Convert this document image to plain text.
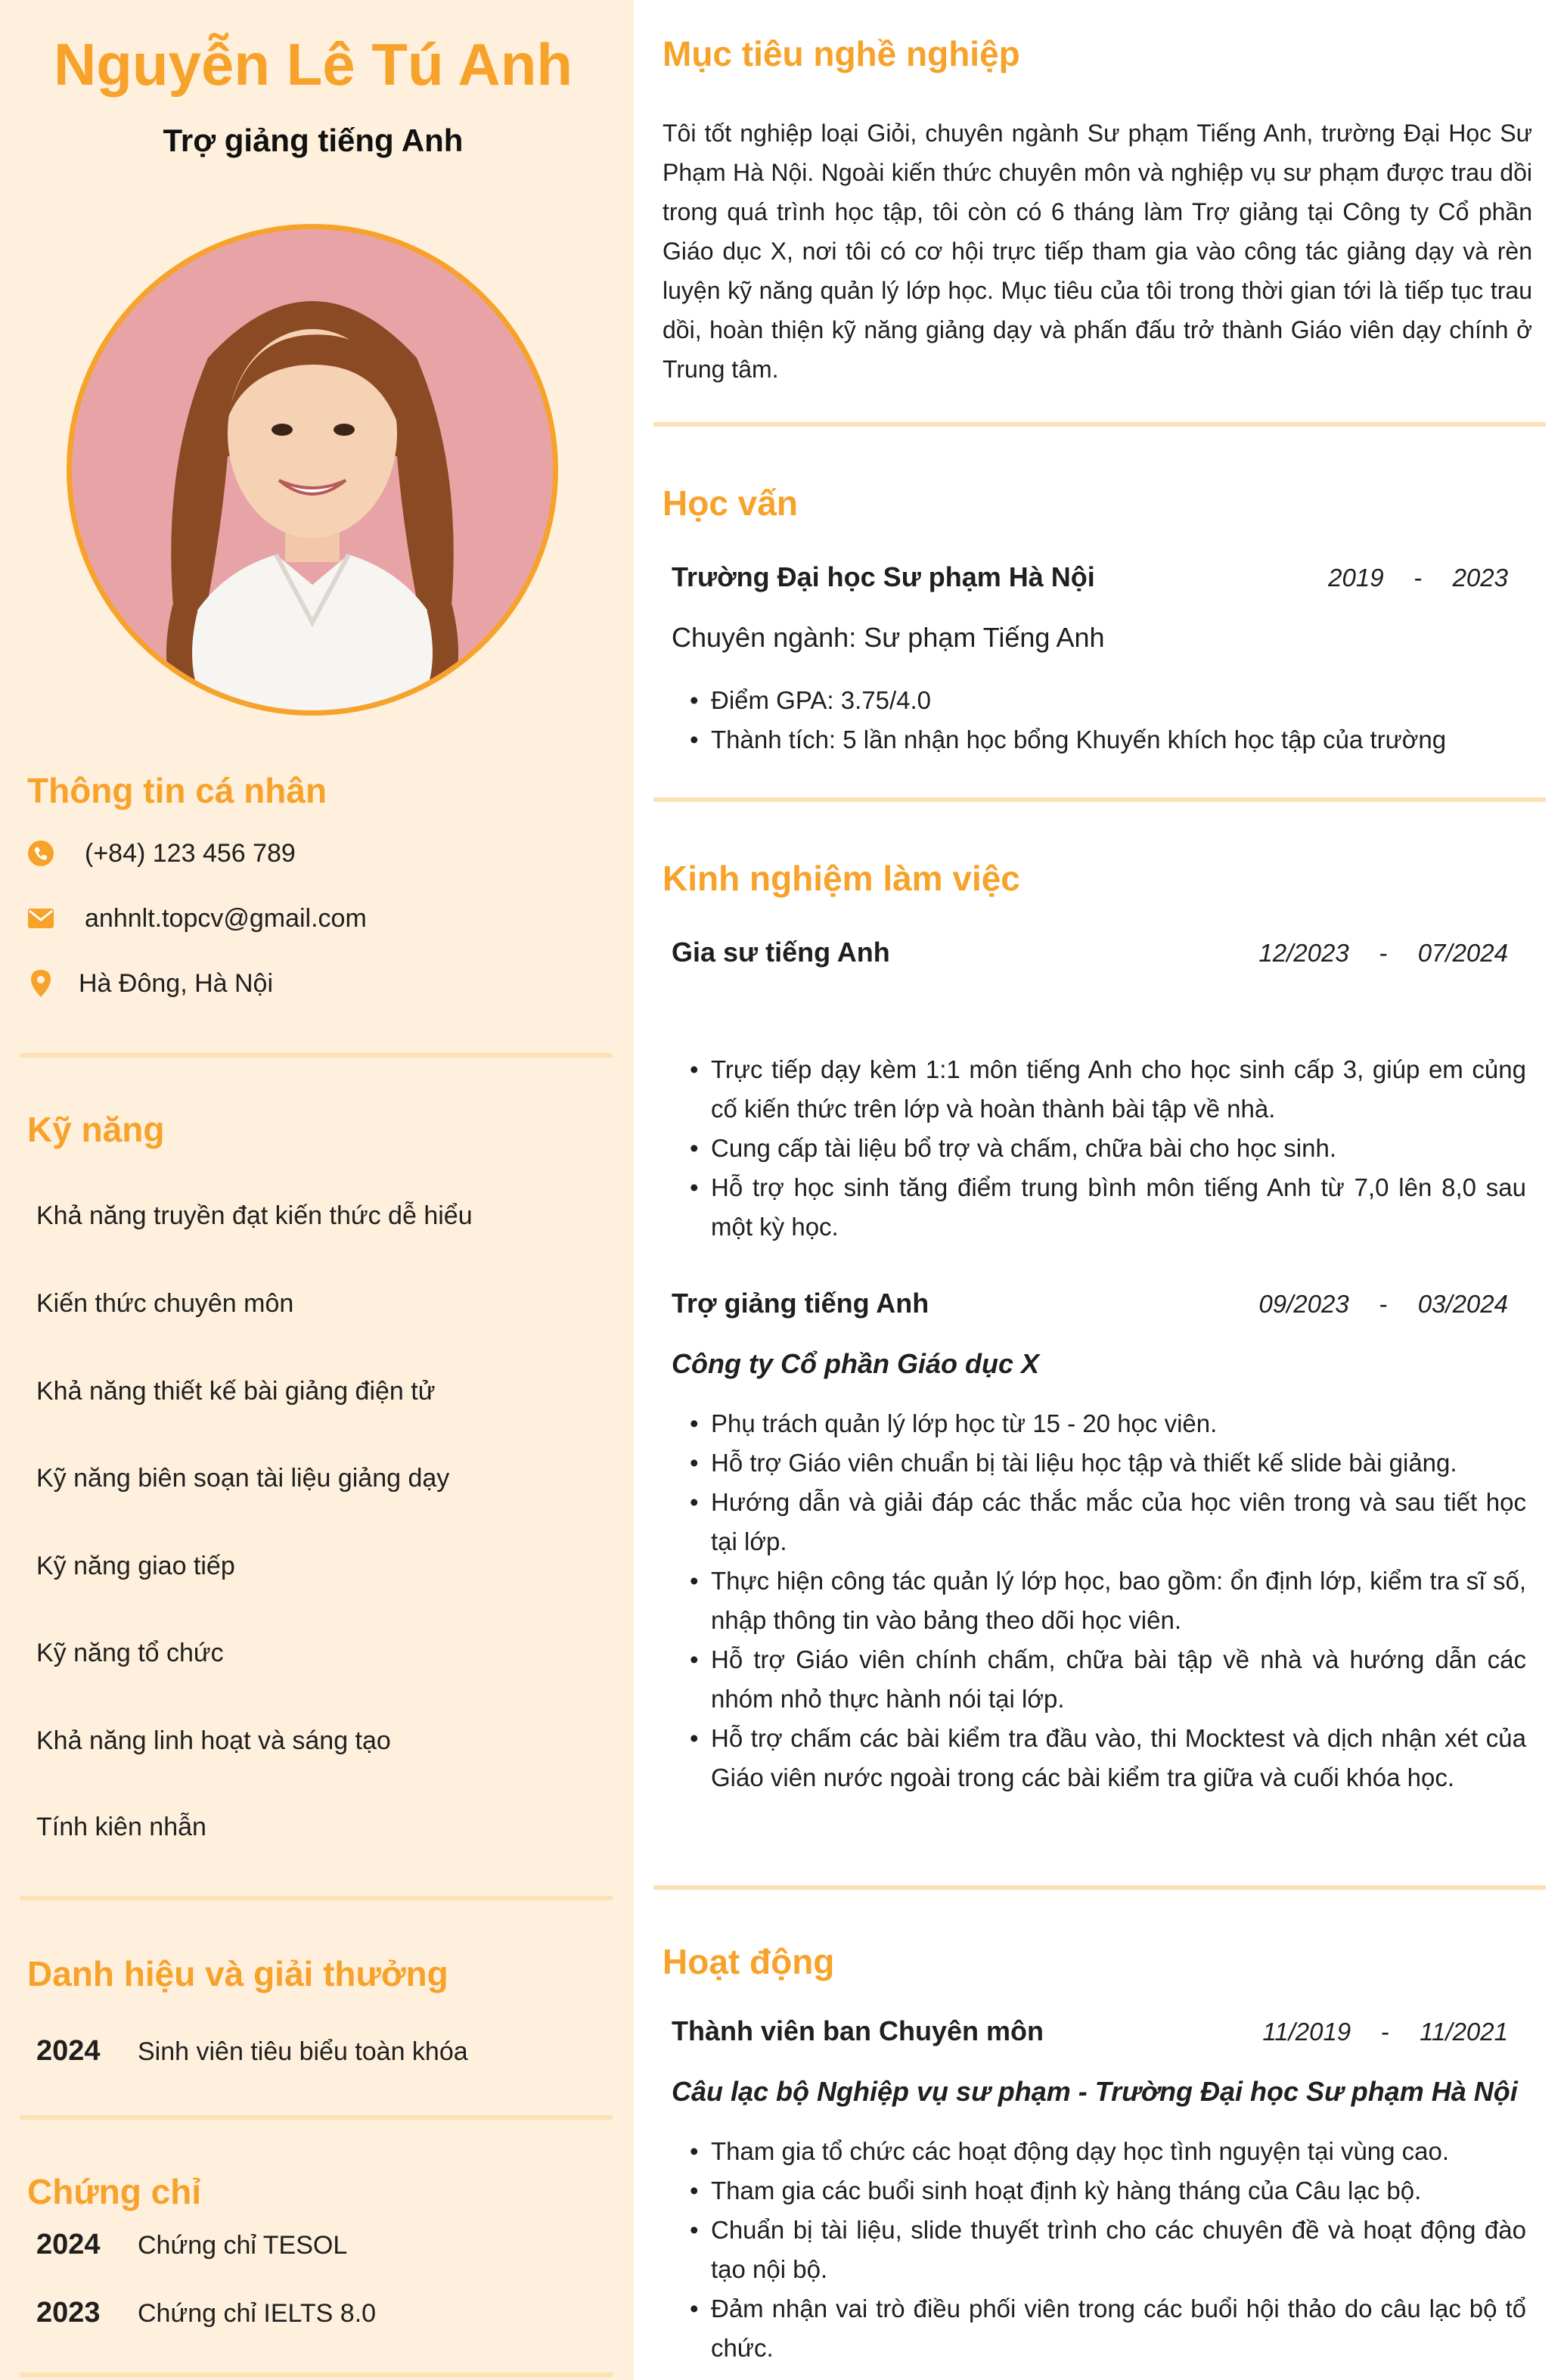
Nguyễn Lê Tú Anh
Trợ giảng tiếng Anh
Thông tin cá nhân
(+84) 123 456 789
anhnlt.topcv@gmail.com
Hà Đông, Hà Nội
Kỹ năng
Khả năng truyền đạt kiến thức dễ hiểu
Kiến thức chuyên môn
Khả năng thiết kế bài giảng điện tử
Kỹ năng biên soạn tài liệu giảng dạy
Kỹ năng giao tiếp
Kỹ năng tổ chức
Khả năng linh hoạt và sáng tạo
Tính kiên nhẫn
Danh hiệu và giải thưởng
2024	Sinh viên tiêu biểu toàn khóa
Chứng chỉ
2024	Chứng chỉ TESOL
2023	Chứng chỉ IELTS 8.0
Mục tiêu nghề nghiệp
Tôi tốt nghiệp loại Giỏi, chuyên ngành Sư phạm Tiếng Anh, trường Đại Học Sư Phạm Hà Nội. Ngoài kiến thức chuyên môn và nghiệp vụ sư phạm được trau dồi trong quá trình học tập, tôi còn có 6 tháng làm Trợ giảng tại Công ty Cổ phần Giáo dục X, nơi tôi có cơ hội trực tiếp tham gia vào công tác giảng dạy và rèn luyện kỹ năng quản lý lớp học. Mục tiêu của tôi trong thời gian tới là tiếp tục trau dồi, hoàn thiện kỹ năng giảng dạy và phấn đấu trở thành Giáo viên dạy chính ở Trung tâm.
Học vấn
Trường Đại học Sư phạm Hà Nội	2019 - 2023
Chuyên ngành: Sư phạm Tiếng Anh
• Điểm GPA: 3.75/4.0
• Thành tích: 5 lần nhận học bổng Khuyến khích học tập của trường
Kinh nghiệm làm việc
Gia sư tiếng Anh	12/2023 - 07/2024
• Trực tiếp dạy kèm 1:1 môn tiếng Anh cho học sinh cấp 3, giúp em củng cố kiến thức trên lớp và hoàn thành bài tập về nhà.
• Cung cấp tài liệu bổ trợ và chấm, chữa bài cho học sinh.
• Hỗ trợ học sinh tăng điểm trung bình môn tiếng Anh từ 7,0 lên 8,0 sau một kỳ học.
Trợ giảng tiếng Anh	09/2023 - 03/2024
Công ty Cổ phần Giáo dục X
• Phụ trách quản lý lớp học từ 15 - 20 học viên.
• Hỗ trợ Giáo viên chuẩn bị tài liệu học tập và thiết kế slide bài giảng.
• Hướng dẫn và giải đáp các thắc mắc của học viên trong và sau tiết học tại lớp.
• Thực hiện công tác quản lý lớp học, bao gồm: ổn định lớp, kiểm tra sĩ số, nhập thông tin vào bảng theo dõi học viên.
• Hỗ trợ Giáo viên chính chấm, chữa bài tập về nhà và hướng dẫn các nhóm nhỏ thực hành nói tại lớp.
• Hỗ trợ chấm các bài kiểm tra đầu vào, thi Mocktest và dịch nhận xét của Giáo viên nước ngoài trong các bài kiểm tra giữa và cuối khóa học.
Hoạt động
Thành viên ban Chuyên môn	11/2019 - 11/2021
Câu lạc bộ Nghiệp vụ sư phạm - Trường Đại học Sư phạm Hà Nội
• Tham gia tổ chức các hoạt động dạy học tình nguyện tại vùng cao.
• Tham gia các buổi sinh hoạt định kỳ hàng tháng của Câu lạc bộ.
• Chuẩn bị tài liệu, slide thuyết trình cho các chuyên đề và hoạt động đào tạo nội bộ.
• Đảm nhận vai trò điều phối viên trong các buổi hội thảo do câu lạc bộ tổ chức.
